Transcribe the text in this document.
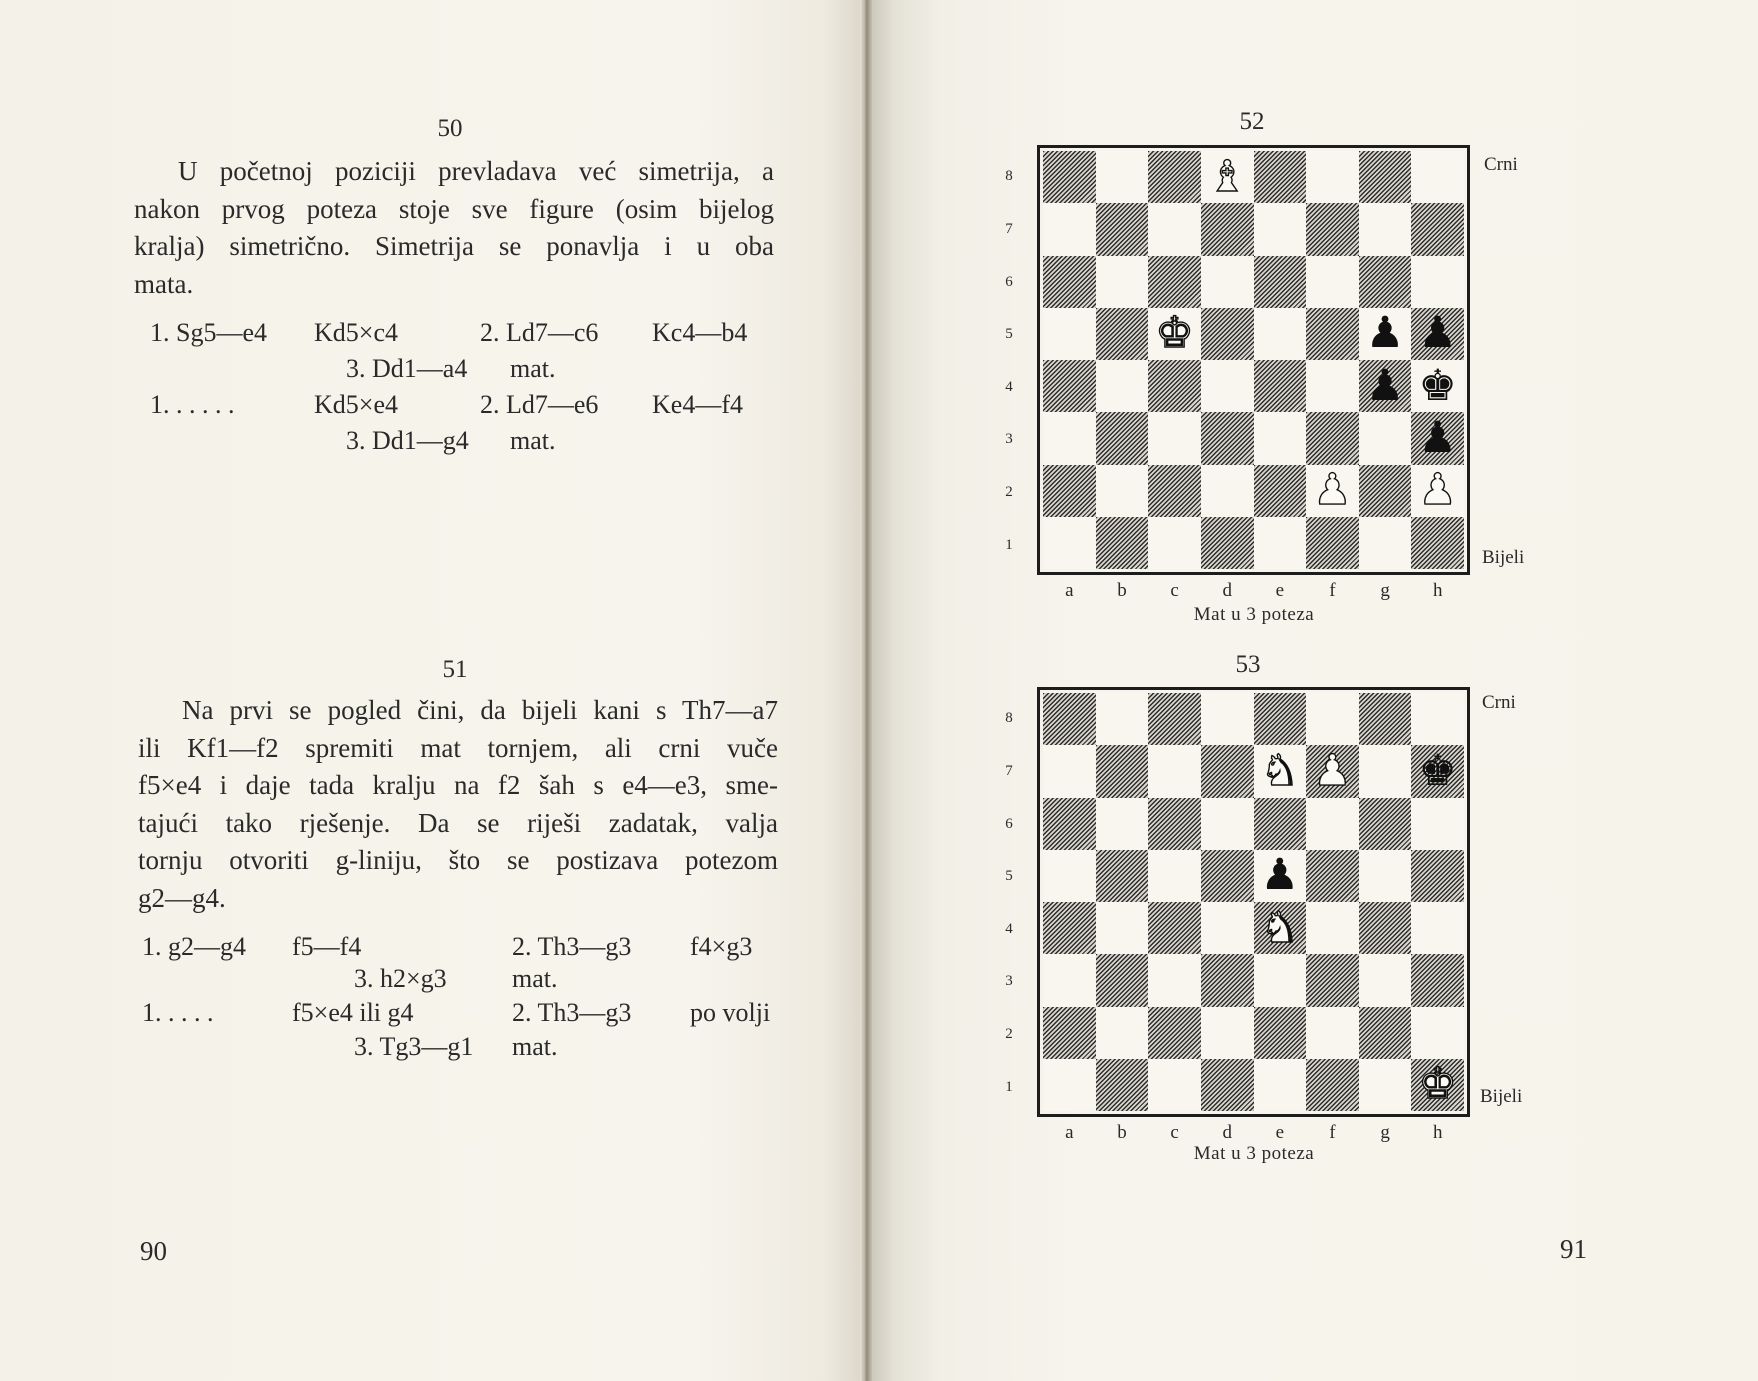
50
U početnoj poziciji prevladava već simetrija, a
nakon prvog poteza stoje sve figure (osim bijelog
kralja) simetrično. Simetrija se ponavlja i u oba
mata.
1. Sg5—e4 Kd5×c4	2. Ld7—c6 Kc4—b4
3. Dd1—a4 mat.
1. . . . . .	Kd5×e4	2. Ld7—e6 Ke4—f4
3. Dd1—g4 mat.
51
Na prvi se pogled čini, da bijeli kani s Th7—a7
ili Kf1—f2 spremiti mat tornjem, ali crni vuče
f5×e4 i daje tada kralju na f2 šah s e4—e3, sme-
tajući tako rješenje. Da se riješi zadatak, valja
tornju otvoriti g-liniju, što se postizava potezom
g2—g4.
1. g2—g4 f5—f4	2. Th3—g3 f4×g3
3. h2×g3	mat.
1. . . . .	f5×e4 ili g4	2. Th3—g3 po volji
3. Tg3—g1 mat.
90
52
♝
♚	♟ ♟
♟ ♚
♟
♟ ♟
8
7
6
5
4
3
2
1
a	b	c	d	e	f	g h
Crni
Bijeli
Mat u 3 poteza
53
♞ ♟ ♚
♟
♞
♚
8
7
6
5
4
3
2
1
a	b	c	d	e	f	g h
Crni
Bijeli
Mat u 3 poteza
91
